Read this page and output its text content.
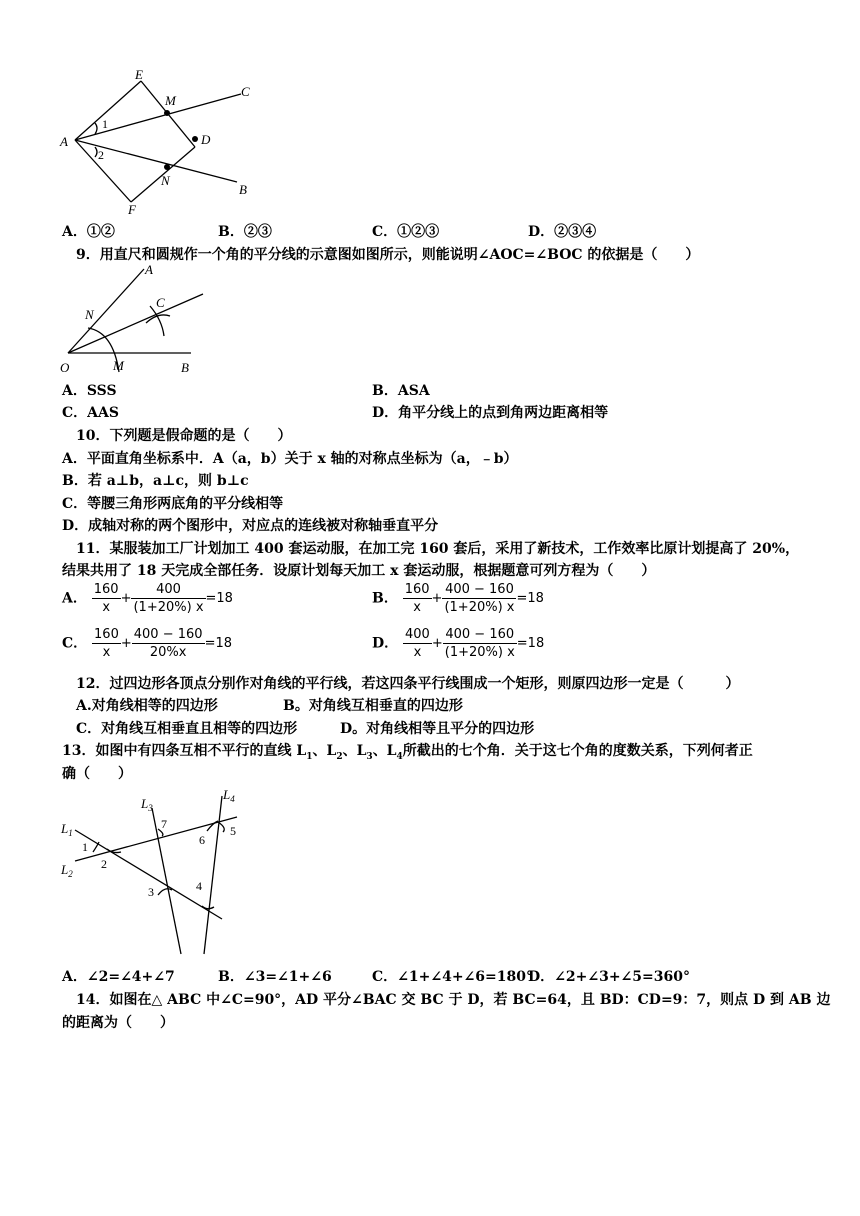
E
C
M
A	D
N
B
F
1
2
A．①②	B．②③	C．①②③	D．②③④
9．用直尺和圆规作一个角的平分线的示意图如图所示，则能说明∠AOC=∠BOC 的依据是（　　）
A
C
N
O	M	B
A．SSS	B．ASA
C．AAS	D．角平分线上的点到角两边距离相等
10．下列题是假命题的是（　　）
A．平面直角坐标系中．A（a，b）关于 x 轴的对称点坐标为（a，﹣b）
B．若 a⊥b，a⊥c，则 b⊥c
C．等腰三角形两底角的平分线相等
D．成轴对称的两个图形中，对应点的连线被对称轴垂直平分
11．某服装加工厂计划加工 400 套运动服，在加工完 160 套后，采用了新技术，工作效率比原计划提高了 20%，
结果共用了 18 天完成全部任务．设原计划每天加工 x 套运动服，根据题意可列方程为（　　）
A． $\frac{160}{x} + \frac{400}{(1+20\%) x} =18$	B． $\frac{160}{x} + \frac{400 - 160}{(1+20\%) x} =18$
C． $\frac{160}{x} + \frac{400 - 160}{20\%x} =18$	D． $\frac{400}{x} + \frac{400 - 160}{(1+20\%) x} =18$
12．过四边形各顶点分别作对角线的平行线，若这四条平行线围成一个矩形，则原四边形一定是（　　　）
A.对角线相等的四边形	B。对角线互相垂直的四边形
C．对角线互相垂直且相等的四边形	D。对角线相等且平分的四边形
13．如图中有四条互相不平行的直线 $L_1$、$L_2$、$L_3$、$L_4$所截出的七个角．关于这七个角的度数关系，下列何者正
确（　　）
$L_1$
$L_2$
$L_3$
$L_4$
1
2
3	4
5
6
7
A．∠2=∠4+∠7	B．∠3=∠1+∠6	C．∠1+∠4+∠6=180°
D．∠2+∠3+∠5=360°
14．如图在△ ABC 中∠C=90°，AD 平分∠BAC 交 BC 于 D，若 BC=64，且 BD：CD=9：7，则点 D 到 AB 边
的距离为（　　）
